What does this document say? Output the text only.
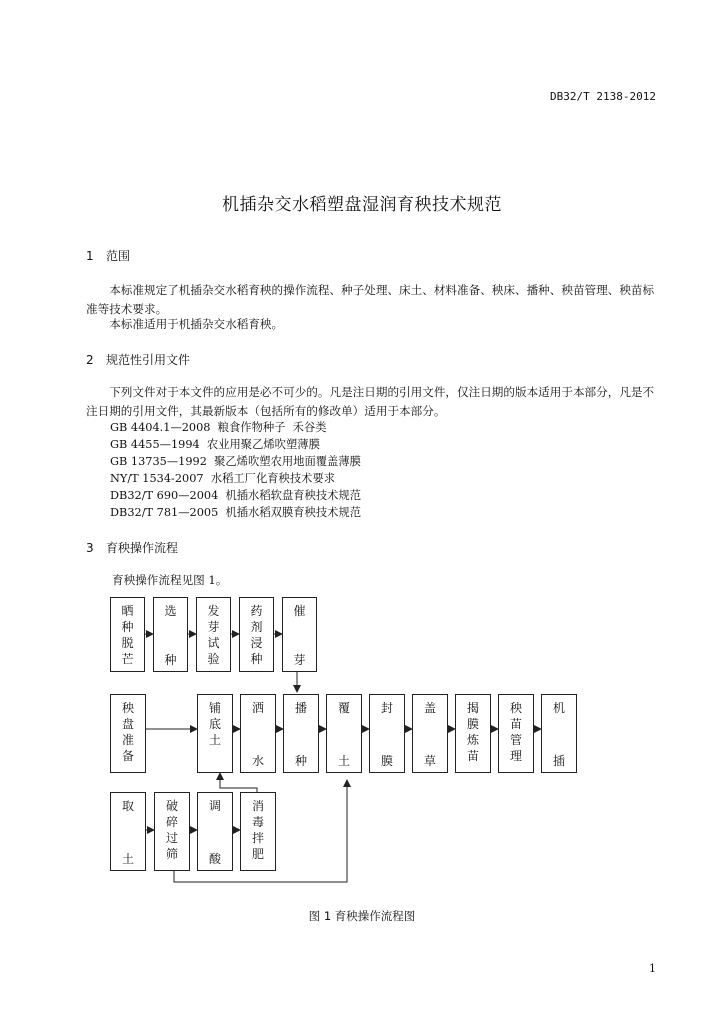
DB32/T 2138-2012
机插杂交水稻塑盘湿润育秧技术规范
1 范围
本标准规定了机插杂交水稻育秧的操作流程、种子处理、床土、材料准备、秧床、播种、秧苗管理、秧苗标准等技术要求。
本标准适用于机插杂交水稻育秧。
2 规范性引用文件
下列文件对于本文件的应用是必不可少的。凡是注日期的引用文件，仅注日期的版本适用于本部分，凡是不注日期的引用文件，其最新版本（包括所有的修改单）适用于本部分。
GB 4404.1—2008  粮食作物种子  禾谷类
GB 4455—1994  农业用聚乙烯吹塑薄膜
GB 13735—1992  聚乙烯吹塑农用地面覆盖薄膜
NY/T 1534-2007  水稻工厂化育秧技术要求
DB32/T 690—2004  机插水稻软盘育秧技术规范
DB32/T 781—2005  机插水稻双膜育秧技术规范
3 育秧操作流程
育秧操作流程见图 1。
晒
种
脱
芒
选
种
发
芽
试
验
药
剂
浸
种
催
芽
秧
盘
准
备
铺
底
土
洒
水
播
种
覆
土
封
膜
盖
草
揭
膜
炼
苗
秧
苗
管
理
机
插
取
土
破
碎
过
筛
调
酸
消
毒
拌
肥
图 1 育秧操作流程图
1
